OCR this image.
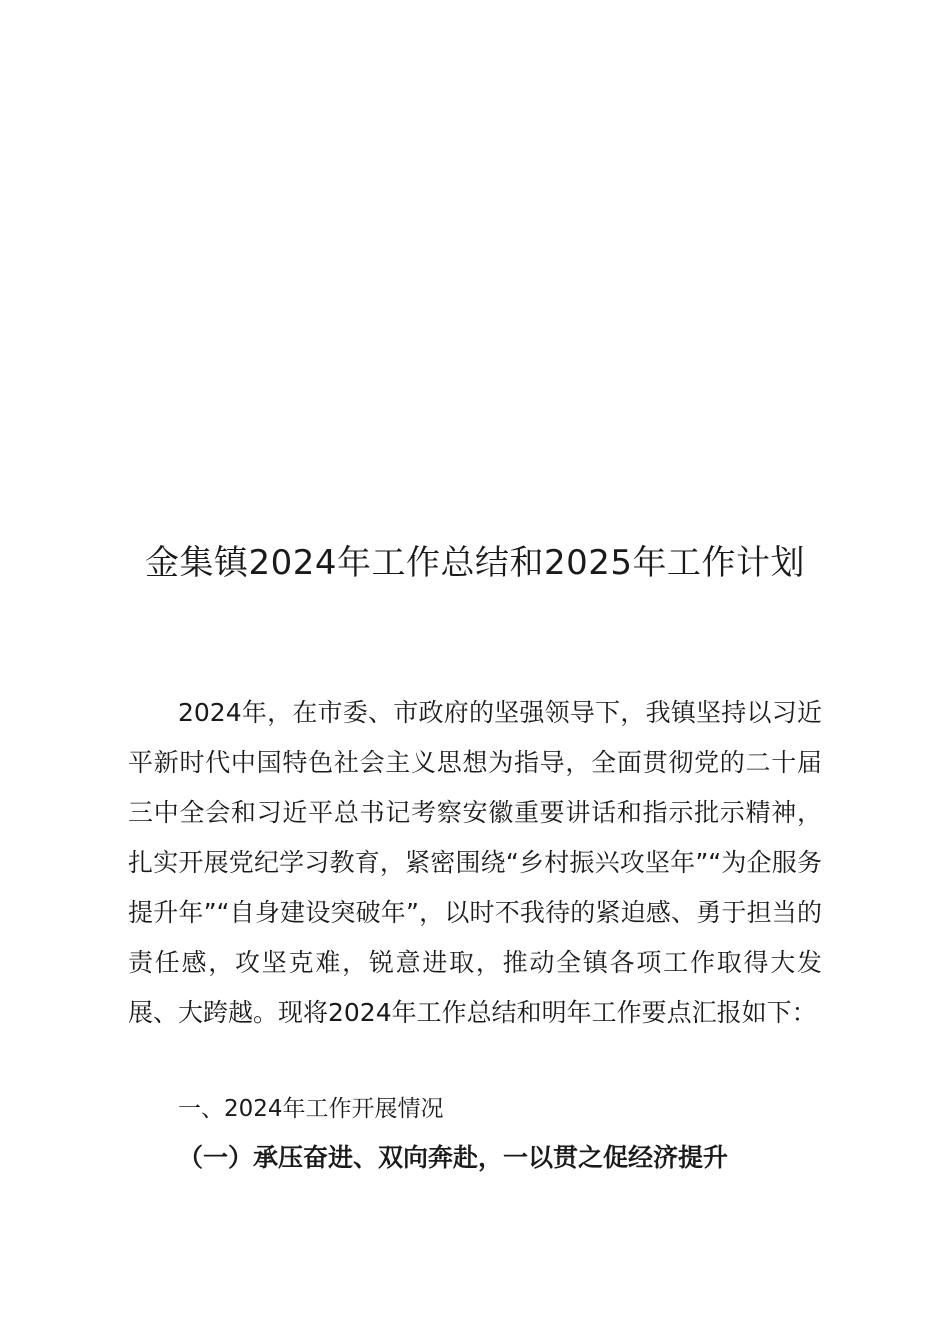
金集镇2024年工作总结和2025年工作计划

2024年，在市委、市政府的坚强领导下，我镇坚持以习近平新时代中国特色社会主义思想为指导，全面贯彻党的二十届三中全会和习近平总书记考察安徽重要讲话和指示批示精神，扎实开展党纪学习教育，紧密围绕“乡村振兴攻坚年”“为企服务提升年”“自身建设突破年”，以时不我待的紧迫感、勇于担当的责任感，攻坚克难，锐意进取，推动全镇各项工作取得大发展、大跨越。现将2024年工作总结和明年工作要点汇报如下：

一、2024年工作开展情况
（一）承压奋进、双向奔赴，一以贯之促经济提升
